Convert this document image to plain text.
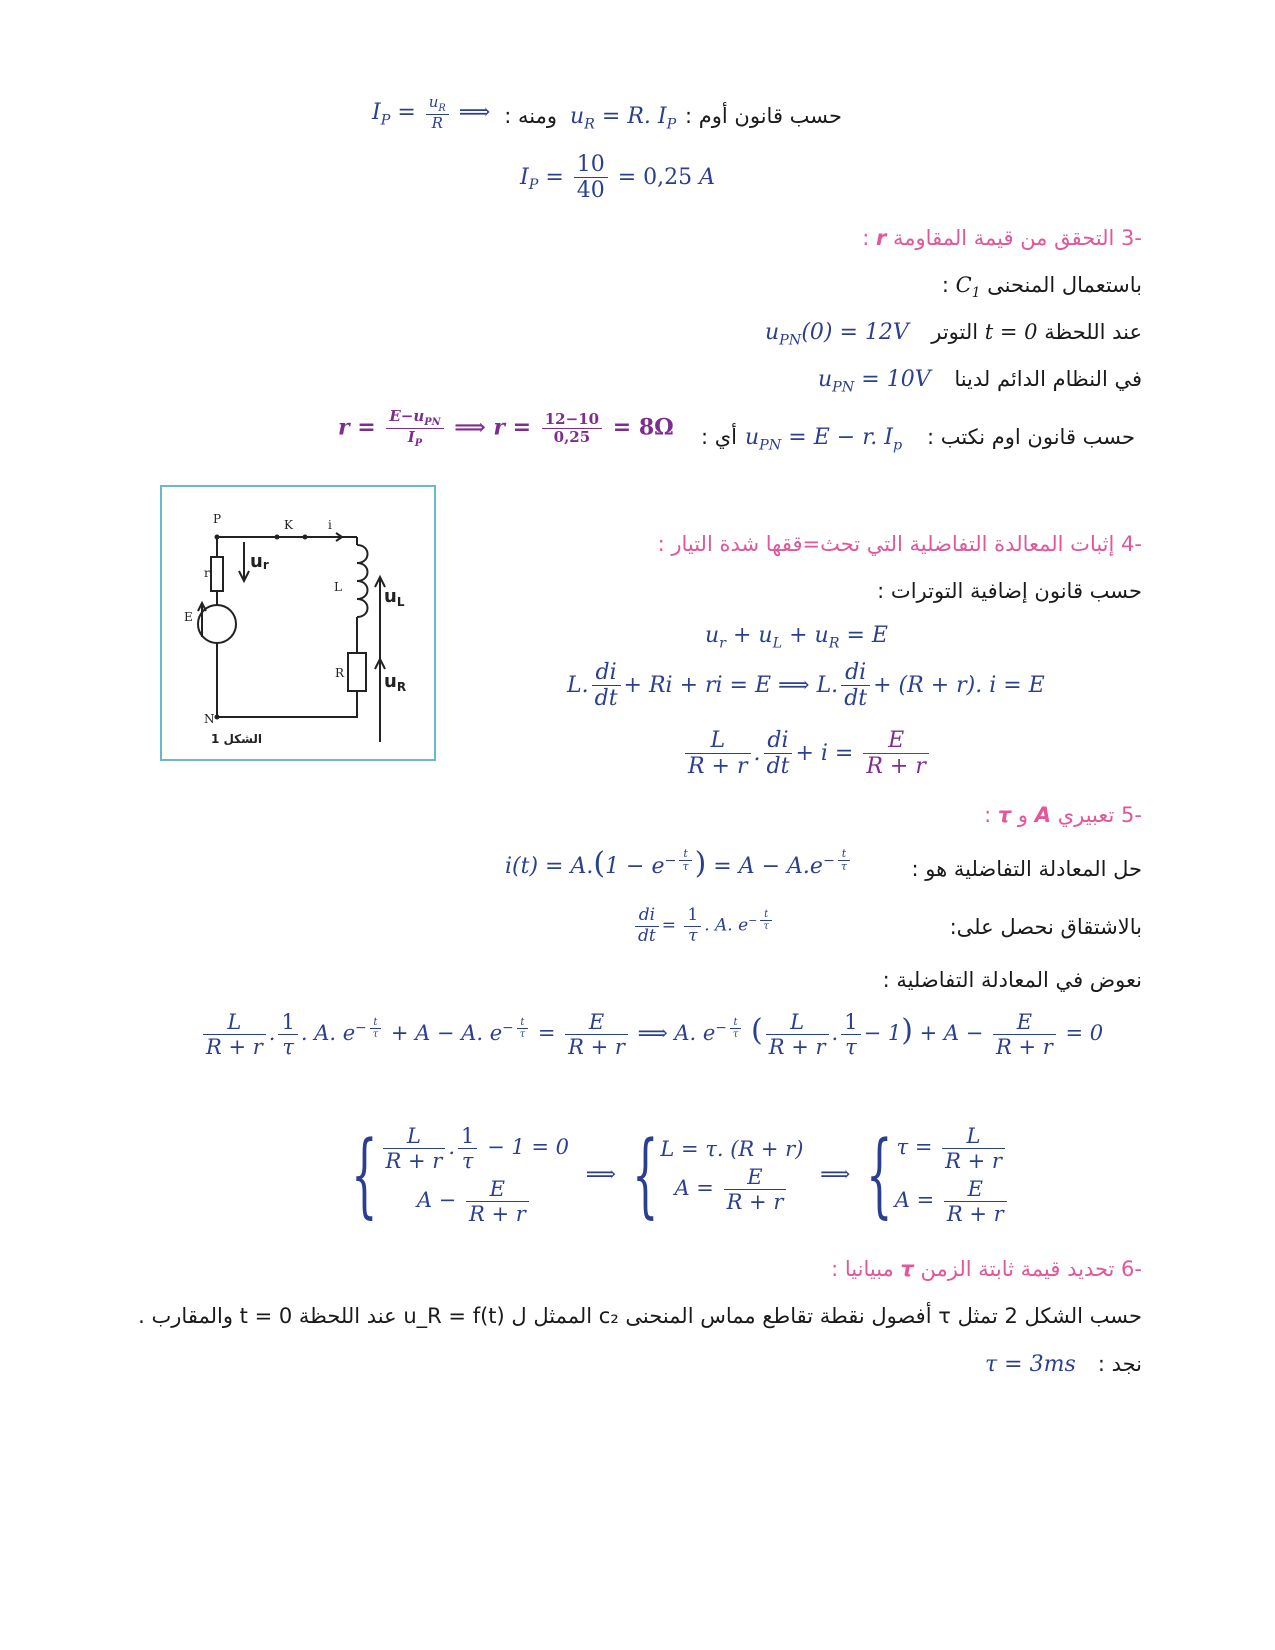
حسب قانون أوم :
$u_R = R$. $I_P$
ومنه :
$I_P = \frac{u_R}{R}$ ⟹
$I_P = \frac{10}{40} = 0,25$ A
-3 التحقق من قيمة المقاومة r :
باستعمال المنحنى $C_1$ :
عند اللحظة t = 0 التوتر
$u_{PN}(0) = 12V$
في النظام الدائم لدينا
$u_{PN} = 10V$
حسب قانون اوم نكتب :
$u_{PN} = E - r$. $I_p$
أي :
$r = \frac{E-u_{PN}}{I_P}$ ⟹ $r = \frac{12-10}{0,25} = 8\Omega$
P	K	i
r
E
L
R
N
ur
$u_L$
$u_R$
الشكل 1
-4 إثبات المعالدة التفاضلية التي تحث=ققها شدة التيار :
حسب قانون إضافية التوترات :
$u_r + u_L + u_R = E$
L. $\frac{di}{dt} + Ri$ + ri = E ⟹ L. $\frac{di}{dt} + (R + r)$. i = E
$\frac{L}{R + r}$ . $\frac{di}{dt} + i = \frac{E}{R + r}$
-5 تعبيري A و τ :
حل المعادلة التفاضلية هو :
$i(t) = A.(1 - e^{- \frac{t}{\tau}}$ ) = $A - A.e^{- \frac{t}{\tau}}$
بالاشتقاق نحصل على:
$\frac{di}{dt} = \frac{1}{\tau}$ . A. $e^{- \frac{t}{\tau}}$
نعوض في المعادلة التفاضلية :
$\frac{L}{R + r}$ . $\frac{1}{\tau}$ . A. $e^{- \frac{t}{\tau}} + A - A$. $e^{- \frac{t}{\tau}} = \frac{E}{R + r}$ ⟹ A. $e^{- \frac{t}{\tau}}$ ( $\frac{L}{R + r}$ . $\frac{1}{\tau} - 1) + A - \frac{E}{R + r} = 0$
{ $\frac{L}{R + r}$ . $\frac{1}{\tau} - 1 = 0$
$A - \frac{E}{R + r}$
⟹ { L = τ. (R + r)
$A = \frac{E}{R + r}$ ⟹ { $\tau = \frac{L}{R + r}$
$A = \frac{E}{R + r}$
-6 تحديد قيمة ثابتة الزمن τ مبيانيا :
حسب الشكل 2 تمثل τ أفصول نقطة تقاطع مماس المنحنى c₂ الممثل ل u_R = f(t) عند اللحظة t = 0 والمقارب .
نجد :
τ = 3ms
